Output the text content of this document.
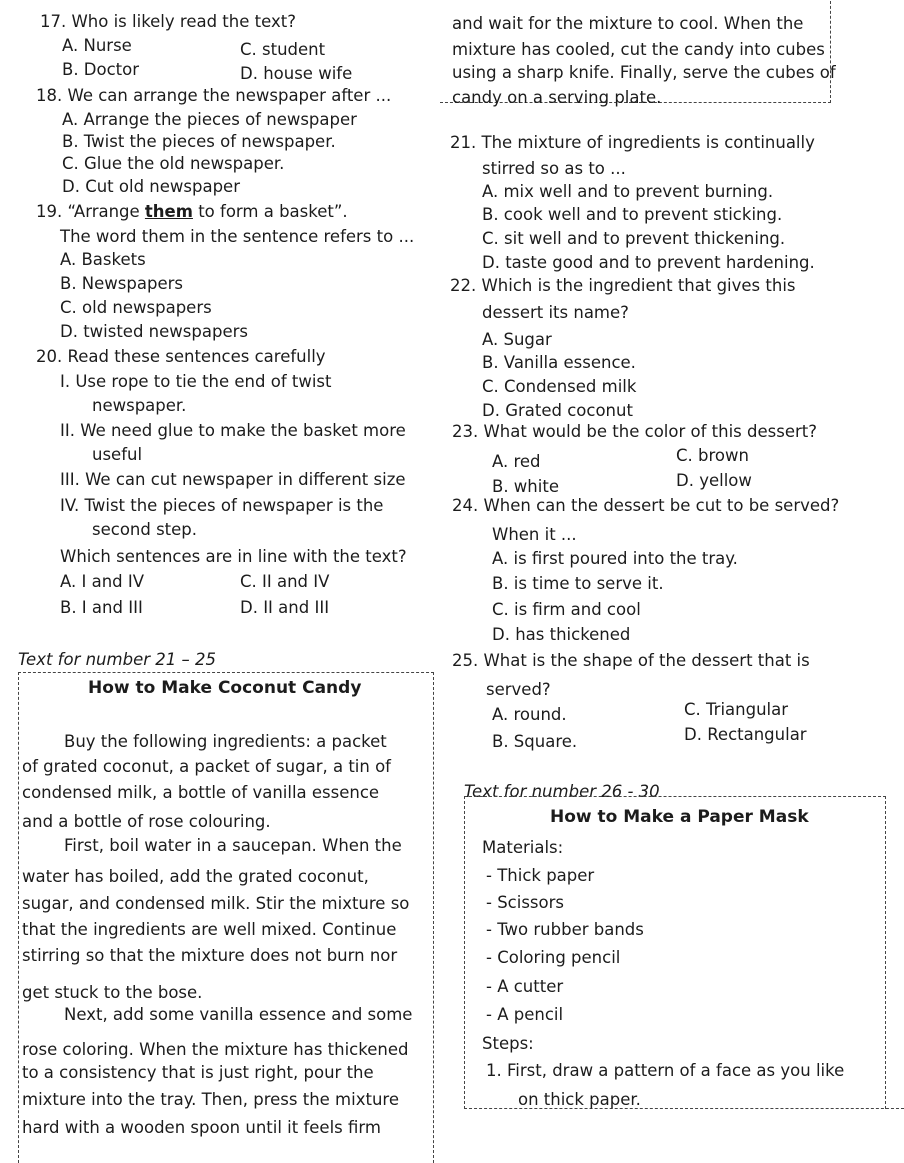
17. Who is likely read the text?
A. Nurse	C. student
B. Doctor	D. house wife
18. We can arrange the newspaper after ...
A. Arrange the pieces of newspaper
B. Twist the pieces of newspaper.
C. Glue the old newspaper.
D. Cut old newspaper
19. “Arrange them to form a basket”.
The word them in the sentence refers to ...
A. Baskets
B. Newspapers
C. old newspapers
D. twisted newspapers
20. Read these sentences carefully
I. Use rope to tie the end of twist
newspaper.
II. We need glue to make the basket more
useful
III. We can cut newspaper in different size
IV. Twist the pieces of newspaper is the
second step.
Which sentences are in line with the text?
A. I and IV	C. II and IV
B. I and III	D. II and III
Text for number 21 – 25
How to Make Coconut Candy
Buy the following ingredients: a packet
of grated coconut, a packet of sugar, a tin of
condensed milk, a bottle of vanilla essence
and a bottle of rose colouring.
First, boil water in a saucepan. When the
water has boiled, add the grated coconut,
sugar, and condensed milk. Stir the mixture so
that the ingredients are well mixed. Continue
stirring so that the mixture does not burn nor
get stuck to the bose.
Next, add some vanilla essence and some
rose coloring. When the mixture has thickened
to a consistency that is just right, pour the
mixture into the tray. Then, press the mixture
hard with a wooden spoon until it feels firm
and wait for the mixture to cool. When the
mixture has cooled, cut the candy into cubes
using a sharp knife. Finally, serve the cubes of
candy on a serving plate.
21. The mixture of ingredients is continually
stirred so as to ...
A. mix well and to prevent burning.
B. cook well and to prevent sticking.
C. sit well and to prevent thickening.
D. taste good and to prevent hardening.
22. Which is the ingredient that gives this
dessert its name?
A. Sugar
B. Vanilla essence.
C. Condensed milk
D. Grated coconut
23. What would be the color of this dessert?
A. red	C. brown
B. white	D. yellow
24. When can the dessert be cut to be served?
When it ...
A. is first poured into the tray.
B. is time to serve it.
C. is firm and cool
D. has thickened
25. What is the shape of the dessert that is
served?
A. round.	C. Triangular
B. Square.	D. Rectangular
Text for number 26 - 30
How to Make a Paper Mask
Materials:
- Thick paper
- Scissors
- Two rubber bands
- Coloring pencil
- A cutter
- A pencil
Steps:
1. First, draw a pattern of a face as you like
on thick paper.
